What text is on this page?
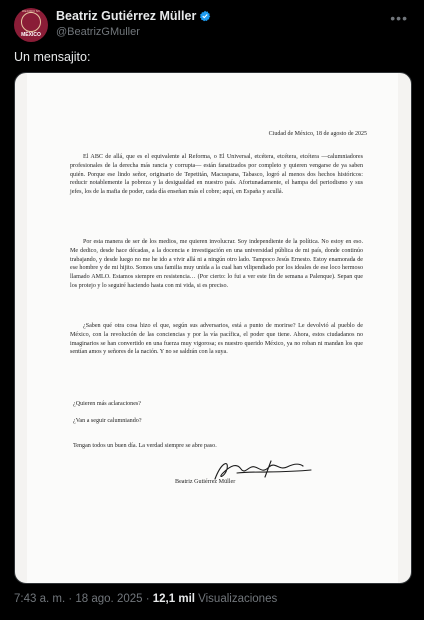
DECIDO MI
MÉXICO
Beatriz Gutiérrez Müller
@BeatrizGMuller
•••
Un mensajito:
Ciudad de México, 18 de agosto de 2025

El ABC de allá, que es el equivalente al Reforma, o El Universal, etcétera, etcétera, etcétera —calumniadores profesionales de la derecha más rancia y corrupta— están fanatizados por completo y quieren vengarse de ya saben quién. Porque ese lindo señor, originario de Tepetitán, Macuspana, Tabasco, logró al menos dos hechos históricos: reducir notablemente la pobreza y la desigualdad en nuestro país. Afortunadamente, el hampa del periodismo y sus jefes, los de la mafia de poder, cada día enseñan más el cobre; aquí, en España y acullá.

Por esta manera de ser de los medios, me quieren involucrar. Soy independiente de la política. No estoy en eso. Me dedico, desde hace décadas, a la docencia e investigación en una universidad pública de mi país, donde continúo trabajando, y desde luego no me he ido a vivir allá ni a ningún otro lado. Tampoco Jesús Ernesto. Estoy enamorada de ese hombre y de mi hijito. Somos una familia muy unida a la cual han vilipendiado por los ideales de ese loco hermoso llamado AMLO. Estamos siempre en resistencia… (Por cierto: lo fui a ver este fin de semana a Palenque). Sepan que los protejo y lo seguiré haciendo hasta con mi vida, si es preciso.

¿Saben qué otra cosa hizo el que, según sus adversarios, está a punto de morirse? Le devolvió al pueblo de México, con la revolución de las conciencias y por la vía pacífica, el poder que tiene. Ahora, estos ciudadanos no imaginarios se han convertido en una fuerza muy vigorosa; es nuestro querido México, ya no roban ni mandan los que sentían amos y señores de la nación. Y no se saldrán con la suya.

¿Quieren más aclaraciones?
¿Van a seguir calumniando?
Tengan todos un buen día. La verdad siempre se abre paso.
Beatriz Gutiérrez Müller
7:43 a. m. · 18 ago. 2025 · 12,1 mil Visualizaciones
